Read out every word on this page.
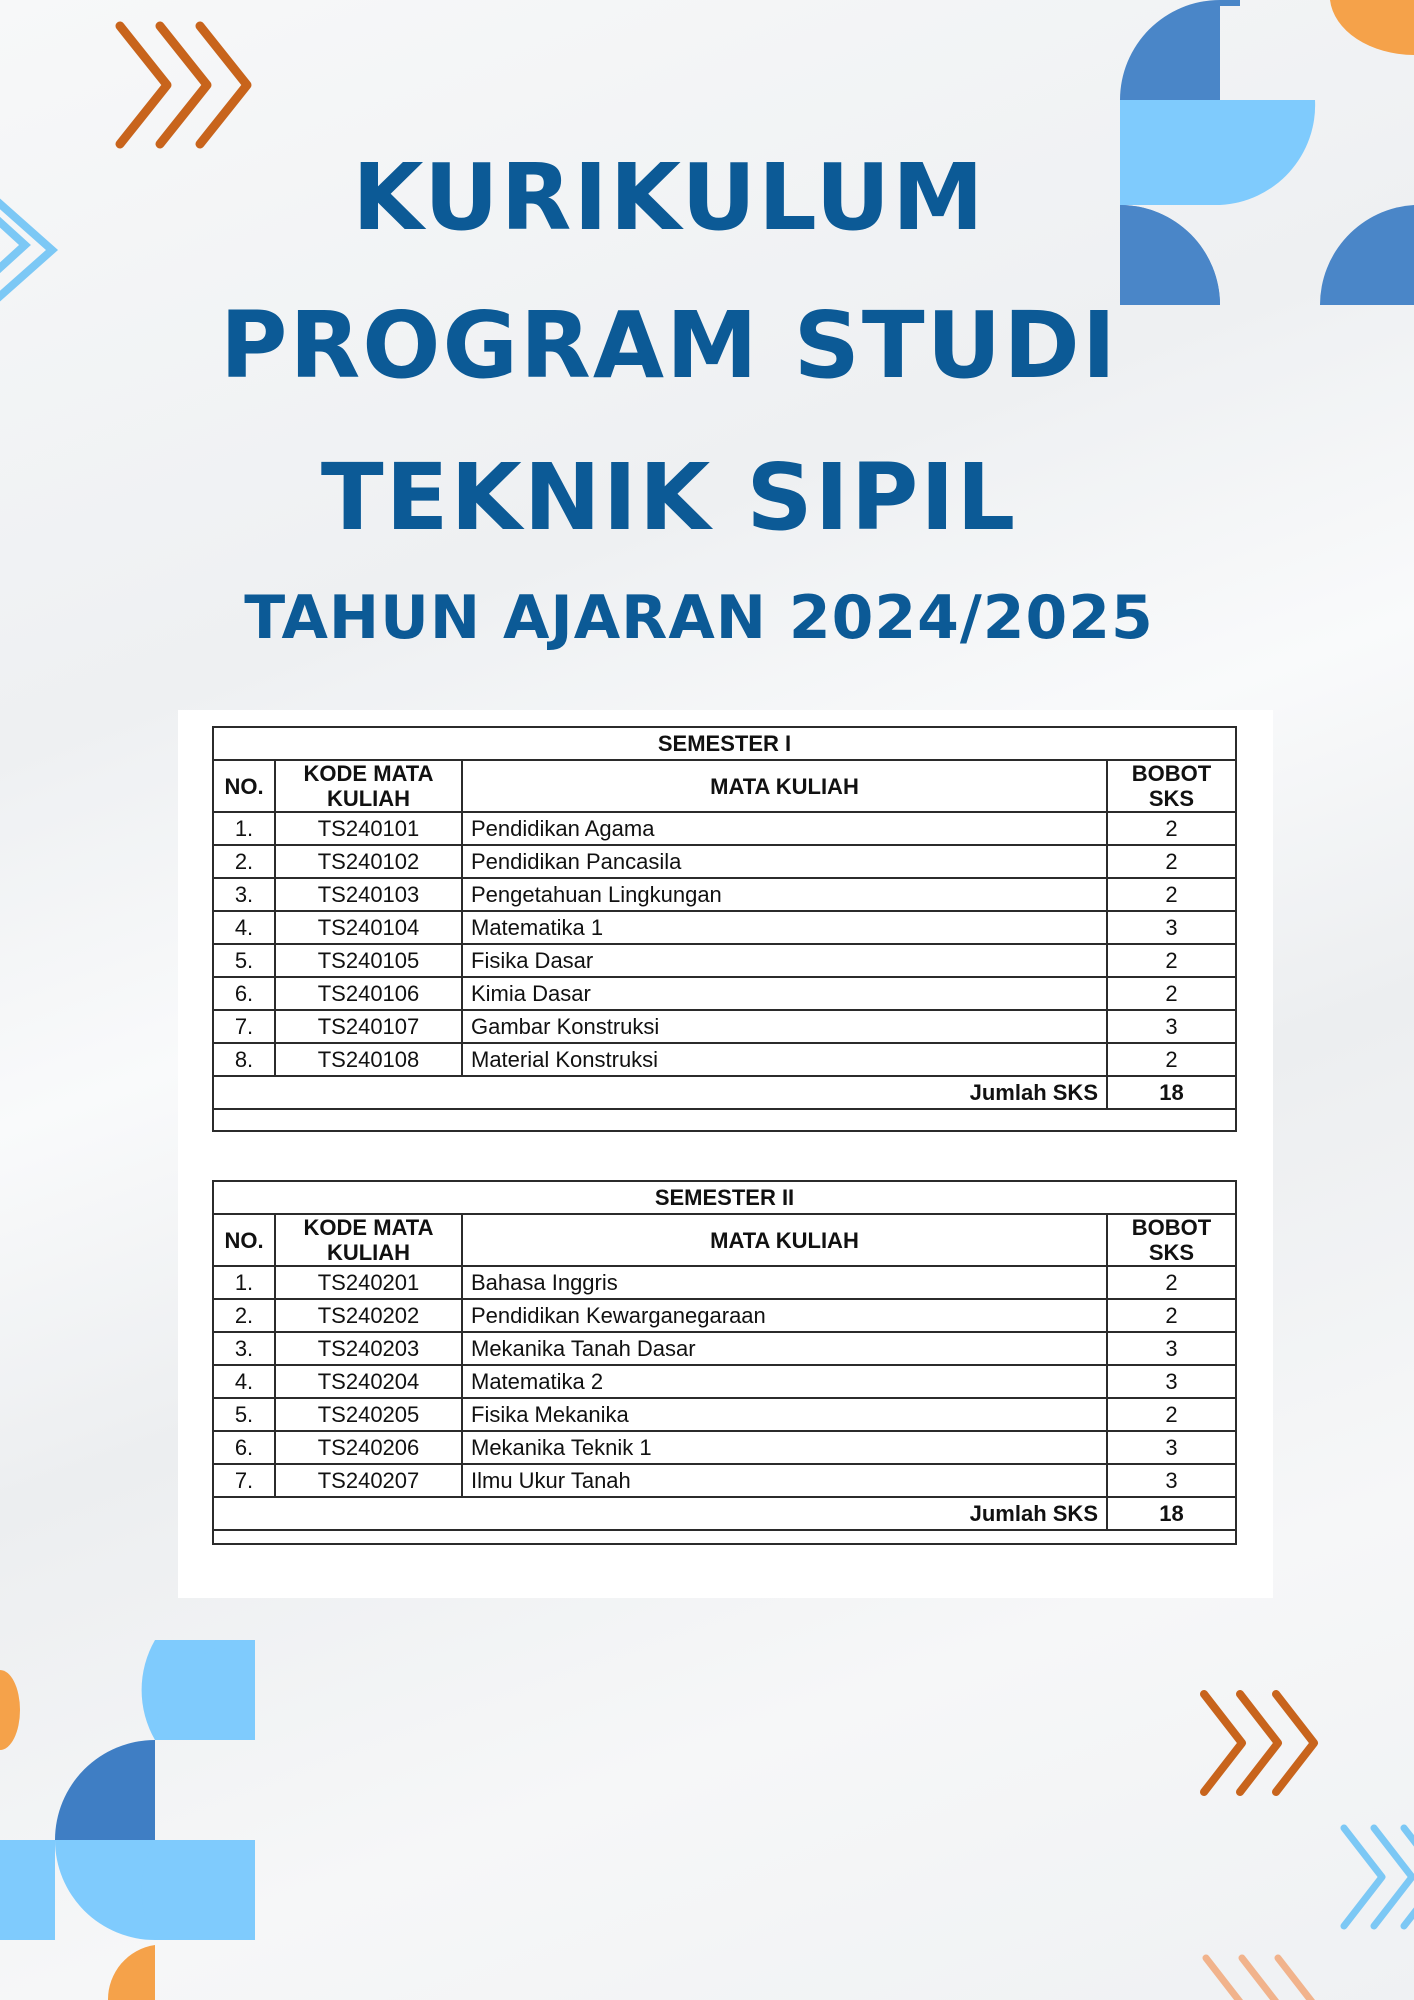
KURIKULUM
PROGRAM STUDI
TEKNIK SIPIL
TAHUN AJARAN 2024/2025
SEMESTER I			
NO.	KODE MATA KULIAH	MATA KULIAH	BOBOT SKS
1.	TS240101	Pendidikan Agama	2
2.	TS240102	Pendidikan Pancasila	2
3.	TS240103	Pengetahuan Lingkungan	2
4.	TS240104	Matematika 1	3
5.	TS240105	Fisika Dasar	2
6.	TS240106	Kimia Dasar	2
7.	TS240107	Gambar Konstruksi	3
8.	TS240108	Material Konstruksi	2
Jumlah SKS			18

SEMESTER II			
NO.	KODE MATA KULIAH	MATA KULIAH	BOBOT SKS
1.	TS240201	Bahasa Inggris	2
2.	TS240202	Pendidikan Kewarganegaraan	2
3.	TS240203	Mekanika Tanah Dasar	3
4.	TS240204	Matematika 2	3
5.	TS240205	Fisika Mekanika	2
6.	TS240206	Mekanika Teknik 1	3
7.	TS240207	Ilmu Ukur Tanah	3
Jumlah SKS			18
